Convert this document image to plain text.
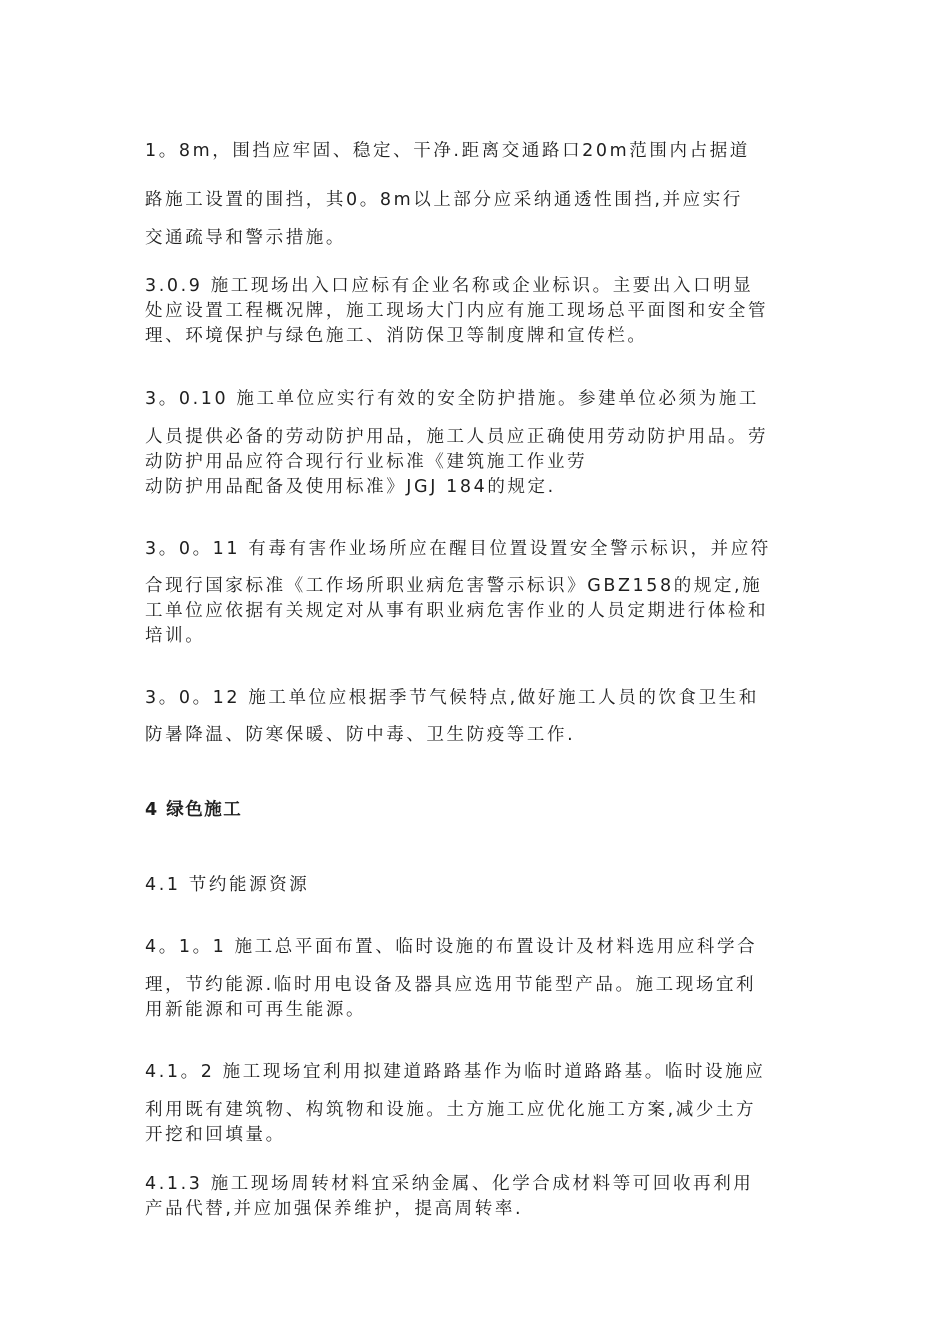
1。8m，围挡应牢固、稳定、干净.距离交通路口20m范围内占据道
路施工设置的围挡，其0。8m以上部分应采纳通透性围挡,并应实行
交通疏导和警示措施。
3.0.9 施工现场出入口应标有企业名称或企业标识。主要出入口明显
处应设置工程概况牌，施工现场大门内应有施工现场总平面图和安全管
理、环境保护与绿色施工、消防保卫等制度牌和宣传栏。
3。0.10 施工单位应实行有效的安全防护措施。参建单位必须为施工
人员提供必备的劳动防护用品，施工人员应正确使用劳动防护用品。劳
动防护用品应符合现行行业标准《建筑施工作业劳
动防护用品配备及使用标准》JGJ 184的规定.
3。0。11 有毒有害作业场所应在醒目位置设置安全警示标识，并应符
合现行国家标准《工作场所职业病危害警示标识》GBZ158的规定,施
工单位应依据有关规定对从事有职业病危害作业的人员定期进行体检和
培训。
3。0。12 施工单位应根据季节气候特点,做好施工人员的饮食卫生和
防暑降温、防寒保暖、防中毒、卫生防疫等工作.
4 绿色施工
4.1 节约能源资源
4。1。1 施工总平面布置、临时设施的布置设计及材料选用应科学合
理，节约能源.临时用电设备及器具应选用节能型产品。施工现场宜利
用新能源和可再生能源。
4.1。2 施工现场宜利用拟建道路路基作为临时道路路基。临时设施应
利用既有建筑物、构筑物和设施。土方施工应优化施工方案,减少土方
开挖和回填量。
4.1.3 施工现场周转材料宜采纳金属、化学合成材料等可回收再利用
产品代替,并应加强保养维护，提高周转率.
